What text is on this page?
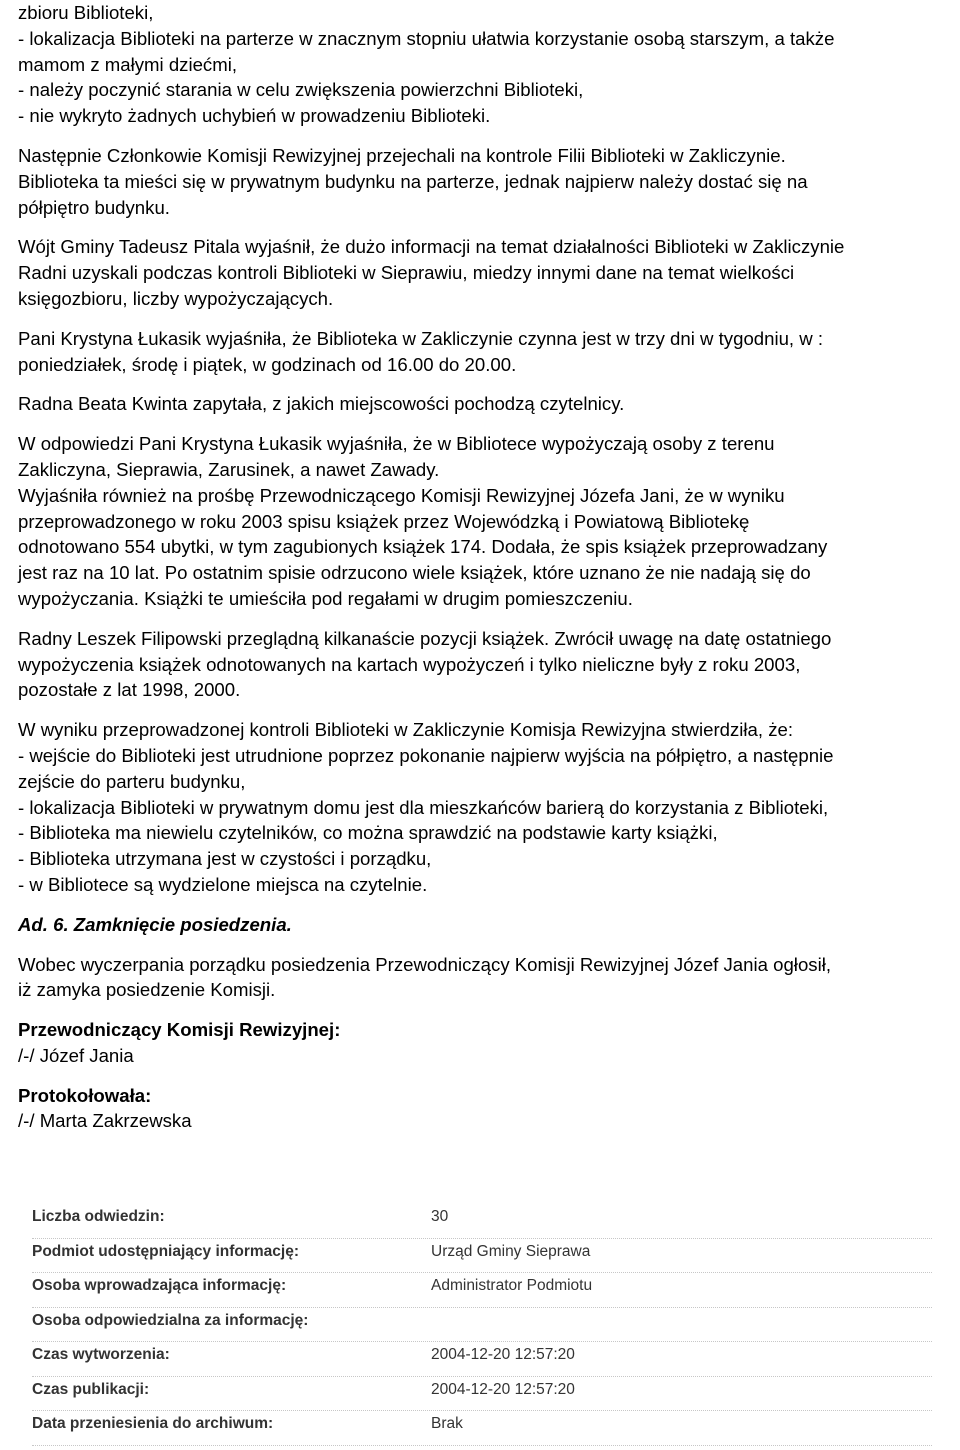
zbioru Biblioteki,
- lokalizacja Biblioteki na parterze w znacznym stopniu ułatwia korzystanie osobą starszym, a także
mamom z małymi dziećmi,
- należy poczynić starania w celu zwiększenia powierzchni Biblioteki,
- nie wykryto żadnych uchybień w prowadzeniu Biblioteki.
Następnie Członkowie Komisji Rewizyjnej przejechali na kontrole Filii Biblioteki w Zakliczynie.
Biblioteka ta mieści się w prywatnym budynku na parterze, jednak najpierw należy dostać się na
półpiętro budynku.
Wójt Gminy Tadeusz Pitala wyjaśnił, że dużo informacji na temat działalności Biblioteki w Zakliczynie
Radni uzyskali podczas kontroli Biblioteki w Sieprawiu, miedzy innymi dane na temat wielkości
księgozbioru, liczby wypożyczających.
Pani Krystyna Łukasik wyjaśniła, że Biblioteka w Zakliczynie czynna jest w trzy dni w tygodniu, w :
poniedziałek, środę i piątek, w godzinach od 16.00 do 20.00.
Radna Beata Kwinta zapytała, z jakich miejscowości pochodzą czytelnicy.
W odpowiedzi Pani Krystyna Łukasik wyjaśniła, że w Bibliotece wypożyczają osoby z terenu
Zakliczyna, Sieprawia, Zarusinek, a nawet Zawady.
Wyjaśniła również na prośbę Przewodniczącego Komisji Rewizyjnej Józefa Jani, że w wyniku
przeprowadzonego w roku 2003 spisu książek przez Wojewódzką i Powiatową Bibliotekę
odnotowano 554 ubytki, w tym zagubionych książek 174. Dodała, że spis książek przeprowadzany
jest raz na 10 lat. Po ostatnim spisie odrzucono wiele książek, które uznano że nie nadają się do
wypożyczania. Książki te umieściła pod regałami w drugim pomieszczeniu.
Radny Leszek Filipowski przeglądną kilkanaście pozycji książek. Zwrócił uwagę na datę ostatniego
wypożyczenia książek odnotowanych na kartach wypożyczeń i tylko nieliczne były z roku 2003,
pozostałe z lat 1998, 2000.
W wyniku przeprowadzonej kontroli Biblioteki w Zakliczynie Komisja Rewizyjna stwierdziła, że:
- wejście do Biblioteki jest utrudnione poprzez pokonanie najpierw wyjścia na półpiętro, a następnie
zejście do parteru budynku,
- lokalizacja Biblioteki w prywatnym domu jest dla mieszkańców barierą do korzystania z Biblioteki,
- Biblioteka ma niewielu czytelników, co można sprawdzić na podstawie karty książki,
- Biblioteka utrzymana jest w czystości i porządku,
- w Bibliotece są wydzielone miejsca na czytelnie.
Ad. 6. Zamknięcie posiedzenia.
Wobec wyczerpania porządku posiedzenia Przewodniczący Komisji Rewizyjnej Józef Jania ogłosił,
iż zamyka posiedzenie Komisji.
Przewodniczący Komisji Rewizyjnej:
/-/ Józef Jania
Protokołowała:
/-/ Marta Zakrzewska
Liczba odwiedzin:	30
Podmiot udostępniający informację:	Urząd Gminy Sieprawa
Osoba wprowadzająca informację:	Administrator Podmiotu
Osoba odpowiedzialna za informację:
Czas wytworzenia:	2004-12-20 12:57:20
Czas publikacji:	2004-12-20 12:57:20
Data przeniesienia do archiwum:	Brak
